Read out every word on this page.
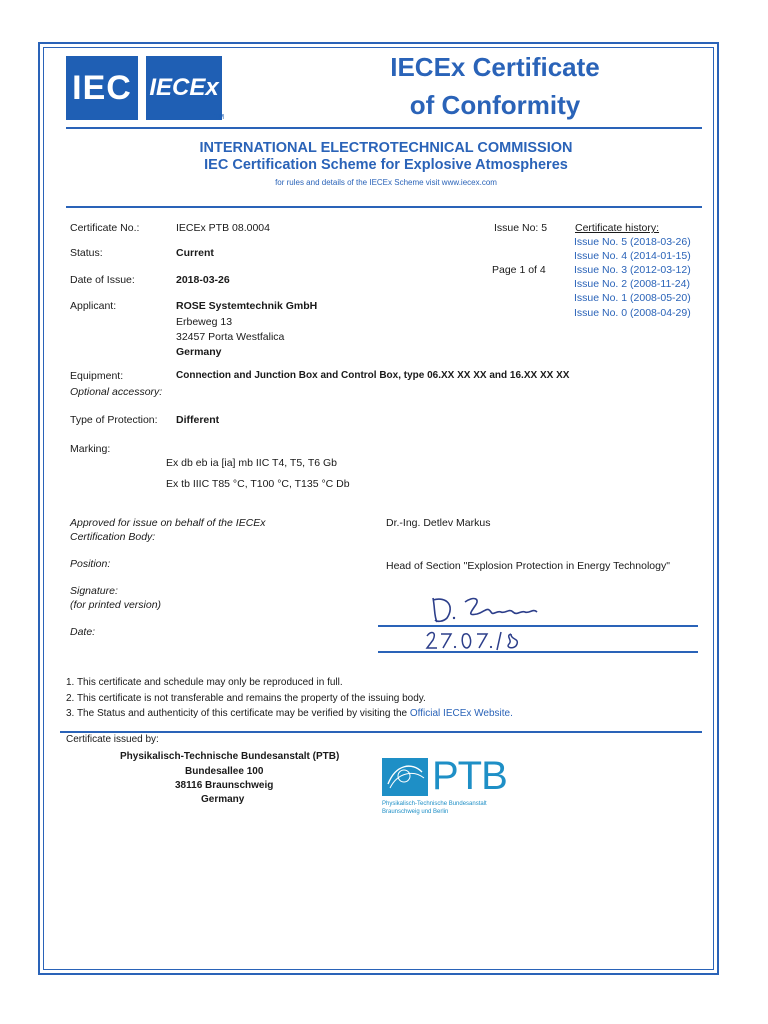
IEC IECEx
TM
IECEx Certificate
of Conformity
INTERNATIONAL ELECTROTECHNICAL COMMISSION
IEC Certification Scheme for Explosive Atmospheres
for rules and details of the IECEx Scheme visit www.iecex.com
Certificate No.:	IECEx PTB 08.0004	Issue No: 5
Status:	Current
Date of Issue:	2018-03-26
Page 1 of 4
Applicant:	ROSE Systemtechnik GmbH
Erbeweg 13
32457 Porta Westfalica
Germany
Certificate history:
Issue No. 5 (2018-03-26)
Issue No. 4 (2014-01-15)
Issue No. 3 (2012-03-12)
Issue No. 2 (2008-11-24)
Issue No. 1 (2008-05-20)
Issue No. 0 (2008-04-29)
Equipment:	Connection and Junction Box and Control Box, type 06.XX XX XX and 16.XX XX XX
Optional accessory:
Type of Protection: Different
Marking:
Ex db eb ia [ia] mb IIC T4, T5, T6 Gb
Ex tb IIIC T85 °C, T100 °C, T135 °C Db
Approved for issue on behalf of the IECEx
Certification Body:
Dr.-Ing. Detlev Markus
Position:	Head of Section "Explosion Protection in Energy Technology"
Signature:
(for printed version)
Date:
1. This certificate and schedule may only be reproduced in full.
2. This certificate is not transferable and remains the property of the issuing body.
3. The Status and authenticity of this certificate may be verified by visiting the Official IECEx Website.
Certificate issued by:
Physikalisch-Technische Bundesanstalt (PTB)
Bundesallee 100
38116 Braunschweig
Germany
PTB
Physikalisch-Technische Bundesanstalt
Braunschweig und Berlin
